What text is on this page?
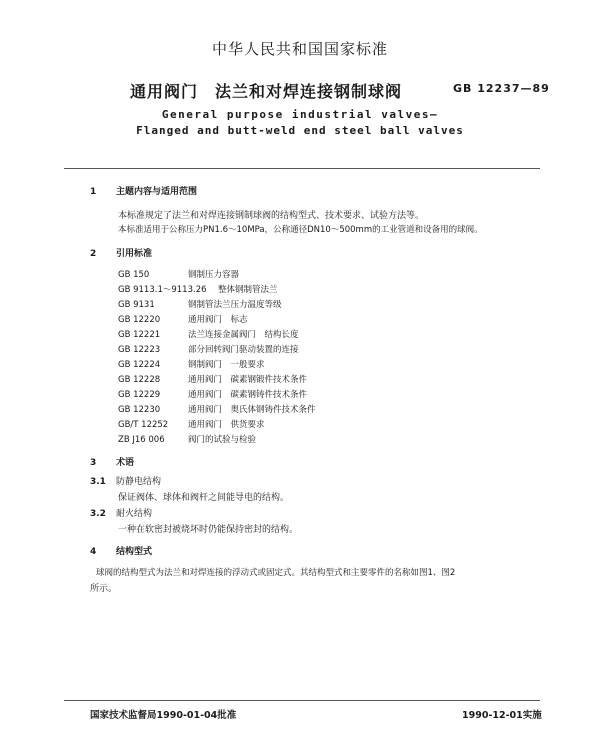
中华人民共和国国家标准
通用阀门　法兰和对焊连接钢制球阀	GB 12237—89
General purpose industrial valves—
Flanged and butt-weld end steel ball valves
1 主题内容与适用范围
本标准规定了法兰和对焊连接钢制球阀的结构型式、技术要求、试验方法等。
本标准适用于公称压力PN1.6～10MPa，公称通径DN10～500mm的工业管道和设备用的球阀。
2 引用标准
GB 150	钢制压力容器
GB 9113.1～9113.26 整体钢制管法兰
GB 9131	钢制管法兰压力温度等级
GB 12220	通用阀门　标志
GB 12221	法兰连接金属阀门　结构长度
GB 12223	部分回转阀门驱动装置的连接
GB 12224	钢制阀门　一般要求
GB 12228	通用阀门　碳素钢锻件技术条件
GB 12229	通用阀门　碳素钢铸件技术条件
GB 12230	通用阀门　奥氏体钢铸件技术条件
GB/T 12252 通用阀门　供货要求
ZB J16 006	阀门的试验与检验
3 术语
3.1 防静电结构
保证阀体、球体和阀杆之间能导电的结构。
3.2 耐火结构
一种在软密封被烧坏时仍能保持密封的结构。
4 结构型式
球阀的结构型式为法兰和对焊连接的浮动式或固定式。其结构型式和主要零件的名称如图1、图2
所示。
国家技术监督局1990-01-04批准	1990-12-01实施
